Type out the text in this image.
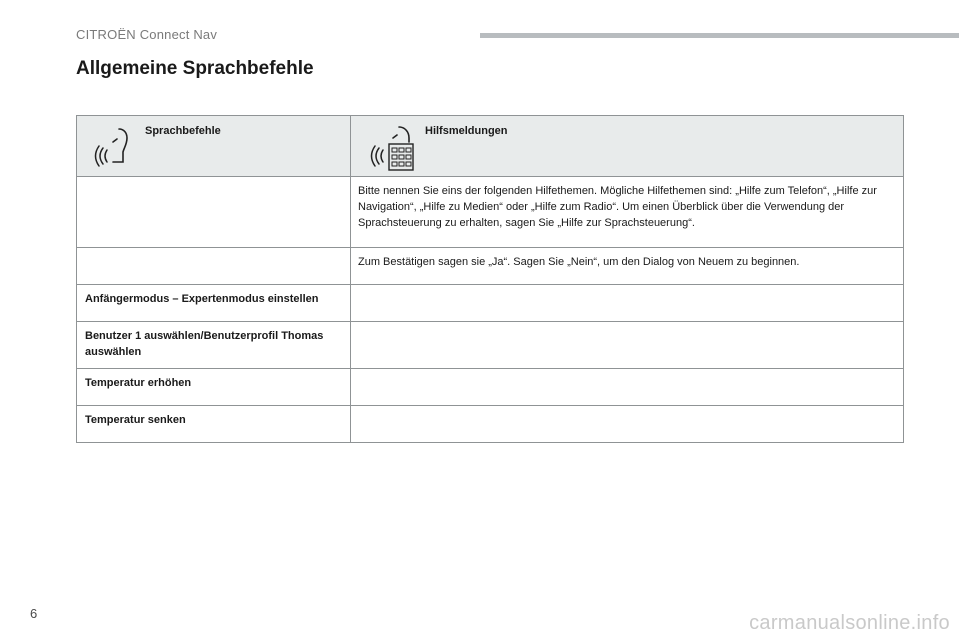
CITROËN Connect Nav
Allgemeine Sprachbefehle
Sprachbefehle	Hilfsmeldungen

	Bitte nennen Sie eins der folgenden Hilfethemen. Mögliche Hilfethemen sind: „Hilfe zum Telefon“, „Hilfe zur Navigation“, „Hilfe zu Medien“ oder „Hilfe zum Radio“. Um einen Überblick über die Verwendung der Sprachsteuerung zu erhalten, sagen Sie „Hilfe zur Sprachsteuerung“.
	Zum Bestätigen sagen sie „Ja“. Sagen Sie „Nein“, um den Dialog von Neuem zu beginnen.
Anfängermodus – Expertenmodus einstellen	
Benutzer 1 auswählen/Benutzerprofil Thomas auswählen	
Temperatur erhöhen	
Temperatur senken	
6	carmanualsonline.info
